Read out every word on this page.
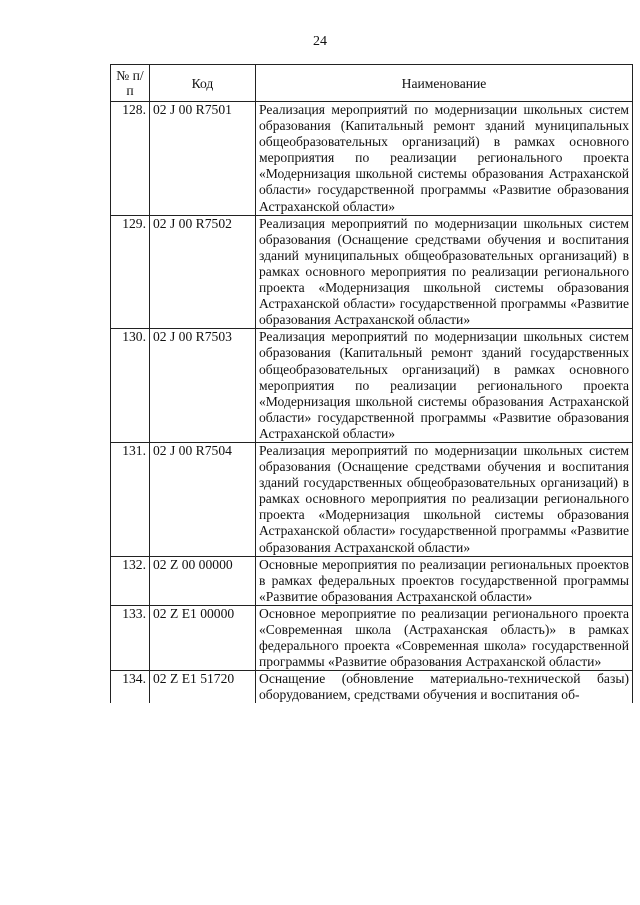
24
№ п/п	Код	Наименование
128.	02 J 00 R7501	Реализация мероприятий по модернизации школьных систем образования (Капитальный ремонт зданий муниципальных общеобразовательных организаций) в рамках основного мероприятия по реализации регионального проекта «Модернизация школьной системы образования Астраханской области» государственной программы «Развитие образования Астраханской области»
129.	02 J 00 R7502	Реализация мероприятий по модернизации школьных систем образования (Оснащение средствами обучения и воспитания зданий муниципальных общеобразовательных организаций) в рамках основного мероприятия по реализации регионального проекта «Модернизация школьной системы образования Астраханской области» государственной программы «Развитие образования Астраханской области»
130.	02 J 00 R7503	Реализация мероприятий по модернизации школьных систем образования (Капитальный ремонт зданий государственных общеобразовательных организаций) в рамках основного мероприятия по реализации регионального проекта «Модернизация школьной системы образования Астраханской области» государственной программы «Развитие образования Астраханской области»
131.	02 J 00 R7504	Реализация мероприятий по модернизации школьных систем образования (Оснащение средствами обучения и воспитания зданий государственных общеобразовательных организаций) в рамках основного мероприятия по реализации регионального проекта «Модернизация школьной системы образования Астраханской области» государственной программы «Развитие образования Астраханской области»
132.	02 Z 00 00000	Основные мероприятия по реализации региональных проектов в рамках федеральных проектов государственной программы «Развитие образования Астраханской области»
133.	02 Z E1 00000	Основное мероприятие по реализации регионального проекта «Современная школа (Астраханская область)» в рамках федерального проекта «Современная школа» государственной программы «Развитие образования Астраханской области»
134.	02 Z E1 51720	Оснащение (обновление материально-технической базы) оборудованием, средствами обучения и воспитания об-
